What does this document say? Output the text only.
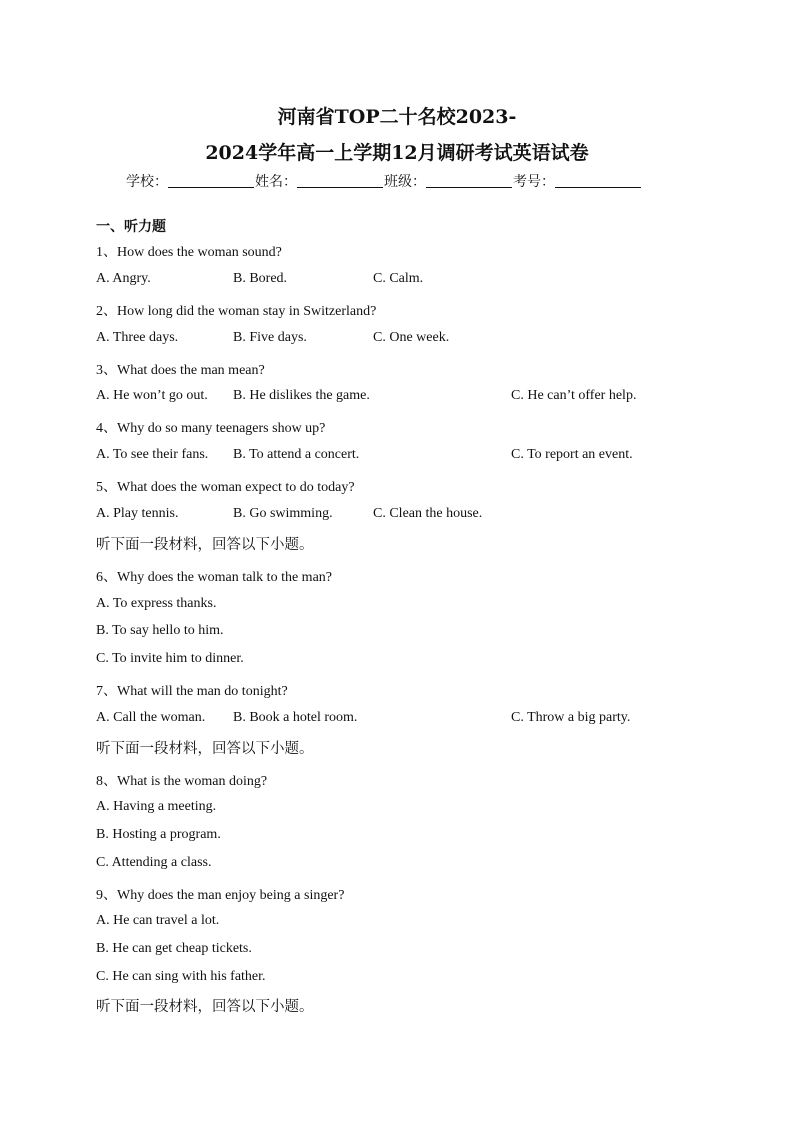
河南省TOP二十名校2023-
2024学年高一上学期12月调研考试英语试卷
学校：	姓名：	班级：	考号：
一、听力题
1、How does the woman sound?
A. Angry.	B. Bored.	C. Calm.
2、How long did the woman stay in Switzerland?
A. Three days.	B. Five days.	C. One week.
3、What does the man mean?
A. He won’t go out. B. He dislikes the game.	C. He can’t offer help.
4、Why do so many teenagers show up?
A. To see their fans. B. To attend a concert.	C. To report an event.
5、What does the woman expect to do today?
A. Play tennis.	B. Go swimming.	C. Clean the house.
听下面一段材料，回答以下小题。
6、Why does the woman talk to the man?
A. To express thanks.
B. To say hello to him.
C. To invite him to dinner.
7、What will the man do tonight?
A. Call the woman. B. Book a hotel room.	C. Throw a big party.
听下面一段材料，回答以下小题。
8、What is the woman doing?
A. Having a meeting.
B. Hosting a program.
C. Attending a class.
9、Why does the man enjoy being a singer?
A. He can travel a lot.
B. He can get cheap tickets.
C. He can sing with his father.
听下面一段材料，回答以下小题。
